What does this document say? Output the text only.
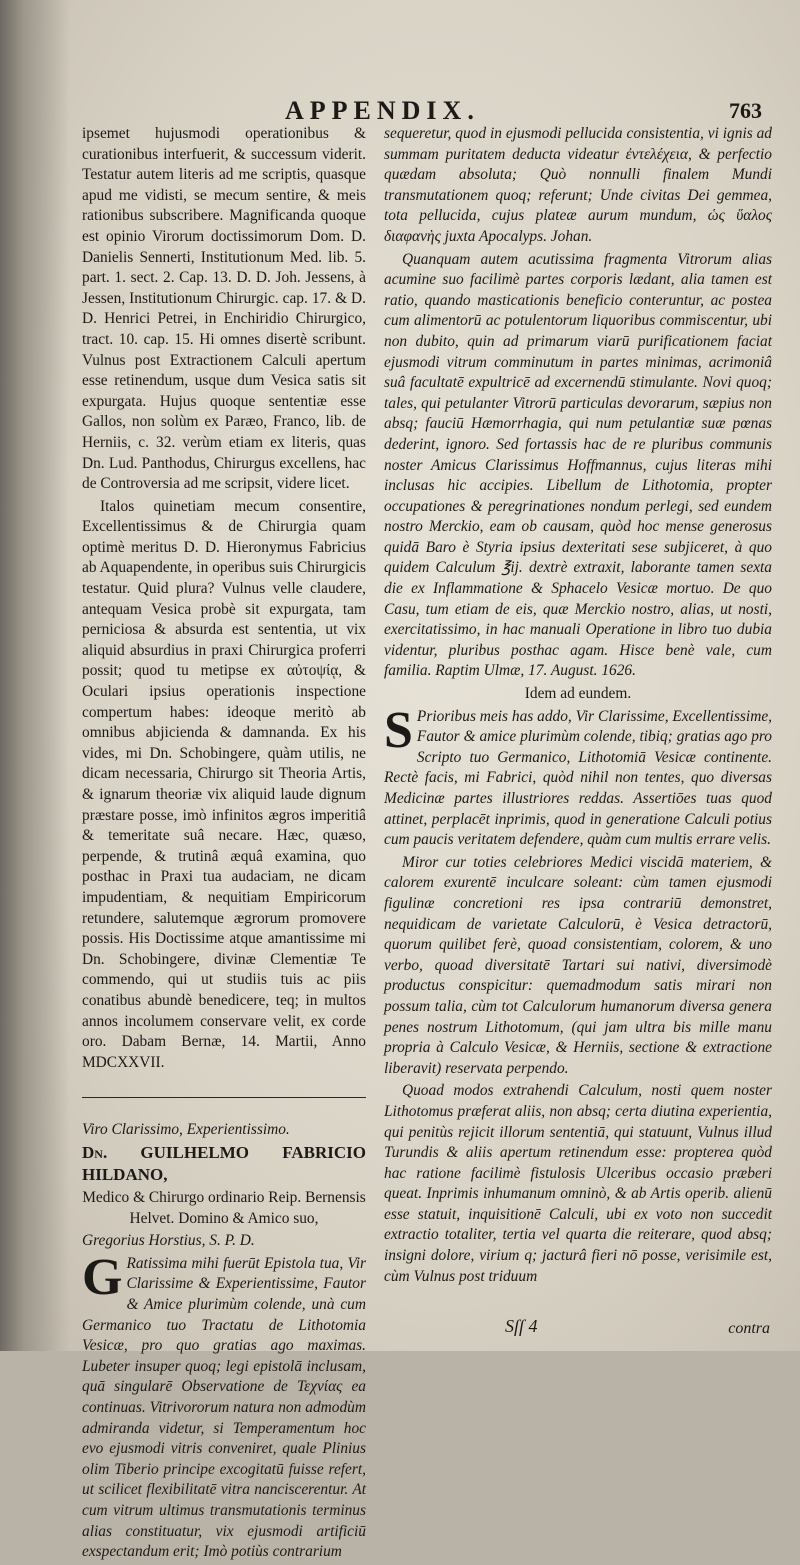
APPENDIX.	763

ipsemet hujusmodi operationibus & curationibus interfuerit, & successum viderit. Testatur autem literis ad me scriptis, quasque apud me vidisti, se mecum sentire, & meis rationibus subscribere. Magnificanda quoque est opinio Virorum doctissimorum Dom. D. Danielis Sennerti, Institutionum Med. lib. 5. part. 1. sect. 2. Cap. 13. D. D. Joh. Jessens, à Jessen, Institutionum Chirurgic. cap. 17. & D. D. Henrici Petrei, in Enchiridio Chirurgico, tract. 10. cap. 15. Hi omnes disertè scribunt. Vulnus post Extractionem Calculi apertum esse retinendum, usque dum Vesica satis sit expurgata. Hujus quoque sententiæ esse Gallos, non solùm ex Paræo, Franco, lib. de Herniis, c. 32. verùm etiam ex literis, quas Dn. Lud. Panthodus, Chirurgus excellens, hac de Controversia ad me scripsit, videre licet.

Italos quinetiam mecum consentire, Excellentissimus & de Chirurgia quam optimè meritus D. D. Hieronymus Fabricius ab Aquapendente, in operibus suis Chirurgicis testatur. Quid plura? Vulnus velle claudere, antequam Vesica probè sit expurgata, tam perniciosa & absurda est sententia, ut vix aliquid absurdius in praxi Chirurgica proferri possit; quod tu metipse ex αὐτοψίᾳ, & Oculari ipsius operationis inspectione compertum habes: ideoque meritò ab omnibus abjicienda & damnanda. Ex his vides, mi Dn. Schobingere, quàm utilis, ne dicam necessaria, Chirurgo sit Theoria Artis, & ignarum theoriæ vix aliquid laude dignum præstare posse, imò infinitos ægros imperitiâ & temeritate suâ necare. Hæc, quæso, perpende, & trutinâ æquâ examina, quo posthac in Praxi tua audaciam, ne dicam impudentiam, & nequitiam Empiricorum retundere, salutemque ægrorum promovere possis. His Doctissime atque amantissime mi Dn. Schobingere, divinæ Clementiæ Te commendo, qui ut studiis tuis ac piis conatibus abundè benedicere, teq; in multos annos incolumem conservare velit, ex corde oro. Dabam Bernæ, 14. Martii, Anno MDCXXVII.

Viro Clarissimo, Experientissimo.

Dn. GUILHELMO FABRICIO HILDANO,

Medico & Chirurgo ordinario Reip. Bernensis Helvet. Domino & Amico suo,

Gregorius Horstius, S. P. D.

G Ratissima mihi fuerūt Epistola tua, Vir Clarissime & Experientissime, Fautor & Amice plurimùm colende, unà cum Germanico tuo Tractatu de Lithotomia Vesicæ, pro quo gratias ago maximas. Lubeter insuper quoq; legi epistolā inclusam, quā singularē Observatione de Τεχνίας ea continuas. Vitrivororum natura non admodùm admiranda videtur, si Temperamentum hoc evo ejusmodi vitris conveniret, quale Plinius olim Tiberio principe excogitatū fuisse refert, ut scilicet flexibilitatē vitra nanciscerentur. At cum vitrum ultimus transmutationis terminus alias constituatur, vix ejusmodi artificiū exspectandum erit; Imò potiùs contrarium

sequeretur, quod in ejusmodi pellucida consistentia, vi ignis ad summam puritatem deducta videatur ἐντελέχεια, & perfectio quædam absoluta; Quò nonnulli finalem Mundi transmutationem quoq; referunt; Unde civitas Dei gemmea, tota pellucida, cujus plateæ aurum mundum, ὡς ὕαλος διαφανὴς juxta Apocalyps. Johan.

Quanquam autem acutissima fragmenta Vitrorum alias acumine suo facilimè partes corporis lædant, alia tamen est ratio, quando masticationis beneficio conteruntur, ac postea cum alimentorū ac potulentorum liquoribus commiscentur, ubi non dubito, quin ad primarum viarū purificationem faciat ejusmodi vitrum comminutum in partes minimas, acrimoniâ suâ facultatē expultricē ad excernendū stimulante. Novi quoq; tales, qui petulanter Vitrorū particulas devorarum, sæpius non absq; fauciū Hæmorrhagia, qui num petulantiæ suæ pœnas dederint, ignoro. Sed fortassis hac de re pluribus communis noster Amicus Clarissimus Hoffmannus, cujus literas mihi inclusas hic accipies. Libellum de Lithotomia, propter occupationes & peregrinationes nondum perlegi, sed eundem nostro Merckio, eam ob causam, quòd hoc mense generosus quidā Baro è Styria ipsius dexteritati sese subjiceret, à quo quidem Calculum ℥ij. dextrè extraxit, laborante tamen sexta die ex Inflammatione & Sphacelo Vesicæ mortuo. De quo Casu, tum etiam de eis, quæ Merckio nostro, alias, ut nosti, exercitatissimo, in hac manuali Operatione in libro tuo dubia videntur, pluribus posthac agam. Hisce benè vale, cum familia. Raptim Ulmæ, 17. August. 1626.

Idem ad eundem.

S Prioribus meis has addo, Vir Clarissime, Excellentissime, Fautor & amice plurimùm colende, tibiq; gratias ago pro Scripto tuo Germanico, Lithotomiā Vesicæ continente. Rectè facis, mi Fabrici, quòd nihil non tentes, quo diversas Medicinæ partes illustriores reddas. Assertiōes tuas quod attinet, perplacēt inprimis, quod in generatione Calculi potius cum paucis veritatem defendere, quàm cum multis errare velis.

Miror cur toties celebriores Medici viscidā materiem, & calorem exurentē inculcare soleant: cùm tamen ejusmodi figulinæ concretioni res ipsa contrariū demonstret, nequidicam de varietate Calculorū, è Vesica detractorū, quorum quilibet ferè, quoad consistentiam, colorem, & uno verbo, quoad diversitatē Tartari sui nativi, diversimodè productus conspicitur: quemadmodum satis mirari non possum talia, cùm tot Calculorum humanorum diversa genera penes nostrum Lithotomum, (qui jam ultra bis mille manu propria à Calculo Vesicæ, & Herniis, sectione & extractione liberavit) reservata perpendo.

Quoad modos extrahendi Calculum, nosti quem noster Lithotomus præferat aliis, non absq; certa diutina experientia, qui penitùs rejicit illorum sententiā, qui statuunt, Vulnus illud Turundis & aliis apertum retinendum esse: propterea quòd hac ratione facilimè fistulosis Ulceribus occasio præberi queat. Inprimis inhumanum omninò, & ab Artis operib. alienū esse statuit, inquisitionē Calculi, ubi ex voto non succedit extractio totaliter, tertia vel quarta die reiterare, quod absq; insigni dolore, virium q; jacturâ fieri nō posse, verisimile est, cùm Vulnus post triduum

Sſſ 4	contra
